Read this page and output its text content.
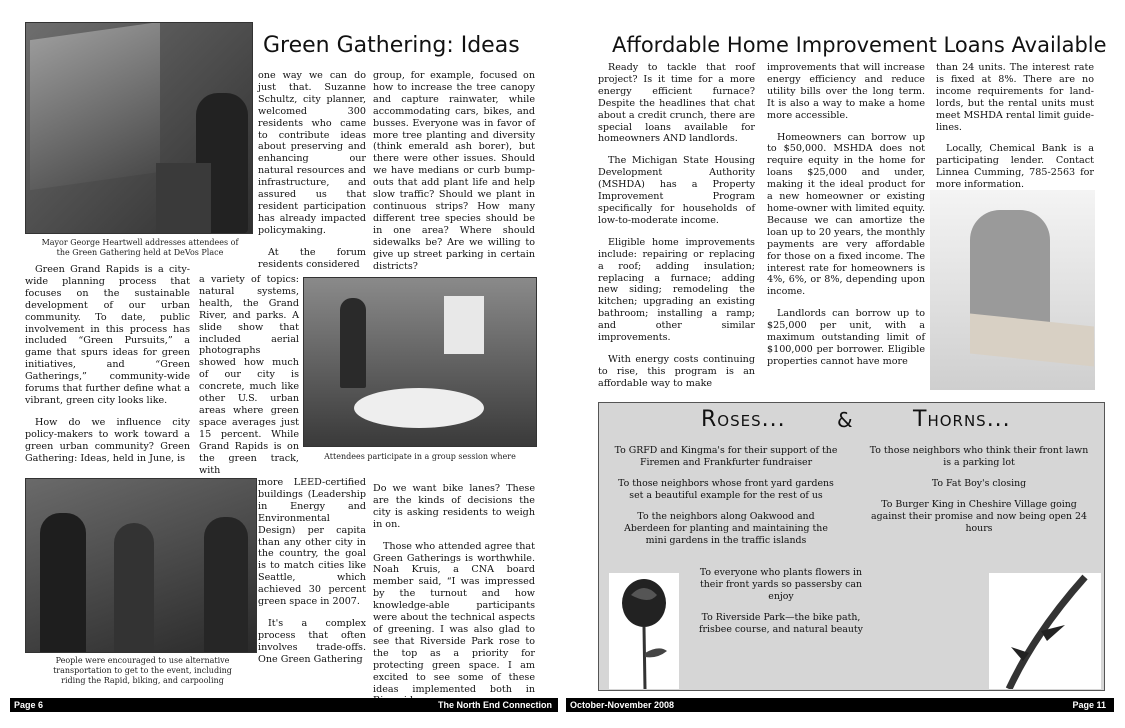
Mayor George Heartwell addresses attendees of the Green Gathering held at DeVos Place
Green Gathering: Ideas

one way we can do just that. Suzanne Schultz, city planner, welcomed 300 residents who came to contribute ideas about preserving and enhancing our natural resources and infrastructure, and assured us that resident participation has already impacted policymaking.

At the forum residents considered

group, for example, focused on how to increase the tree canopy and capture rainwater, while accommodating cars, bikes, and busses. Everyone was in favor of more tree planting and diversity (think emerald ash borer), but there were other issues. Should we have medians or curb bump-outs that add plant life and help slow traffic? Should we plant in continuous strips? How many different tree species should be in one area? Where should sidewalks be? Are we willing to give up street parking in certain districts?

Green Grand Rapids is a city-wide planning process that focuses on the sustainable development of our urban community. To date, public involvement in this process has included “Green Pursuits,” a game that spurs ideas for green initiatives, and “Green Gatherings,” community-wide forums that further define what a vibrant, green city looks like.

How do we influence city policy-makers to work toward a green urban community? Green Gathering: Ideas, held in June, is

a variety of topics: natural systems, health, the Grand River, and parks. A slide show that included aerial photographs showed how much of our city is concrete, much like other U.S. urban areas where green space averages just 15 percent. While Grand Rapids is on the green track, with

Attendees participate in a group session where
People were encouraged to use alternative transportation to get to the event, including riding the Rapid, biking, and carpooling

more LEED-certified buildings (Leadership in Energy and Environmental Design) per capita than any other city in the country, the goal is to match cities like Seattle, which achieved 30 percent green space in 2007.

It's a complex process that often involves trade-offs. One Green Gathering

Do we want bike lanes? These are the kinds of decisions the city is asking residents to weigh in on.

Those who attended agree that Green Gatherings is worthwhile. Noah Kruis, a CNA board member said, “I was impressed by the turnout and how knowledge-able participants were about the technical aspects of greening. I was also glad to see that Riverside Park rose to the top as a priority for protecting green space. I am excited to see some of these ideas implemented both in

Page 6	The North End Connection
Affordable Home Improvement Loans Available

Ready to tackle that roof project? Is it time for a more energy efficient furnace? Despite the headlines that chat about a credit crunch, there are special loans available for homeowners AND landlords.

The Michigan State Housing Development Authority (MSHDA) has a Property Improvement Program specifically for households of low-to-moderate income.

Eligible home improvements include: repairing or replacing a roof; adding insulation; replacing a furnace; adding new siding; remodeling the kitchen; upgrading an existing bathroom; installing a ramp; and other similar improvements.

With energy costs continuing to rise, this program is an affordable way to make

improvements that will increase energy efficiency and reduce utility bills over the long term. It is also a way to make a home more accessible.

Homeowners can borrow up to $50,000. MSHDA does not require equity in the home for loans $25,000 and under, making it the ideal product for a new homeowner or existing home-owner with limited equity. Because we can amortize the loan up to 20 years, the monthly payments are very affordable for those on a fixed income. The interest rate for homeowners is 4%, 6%, or 8%, depending upon income.

Landlords can borrow up to $25,000 per unit, with a maximum outstanding limit of $100,000 per borrower. Eligible properties cannot have more

than 24 units. The interest rate is fixed at 8%. There are no income requirements for land-lords, but the rental units must meet MSHDA rental limit guide-lines.

Locally, Chemical Bank is a participating lender. Contact Linnea Cumming, 785-2563 for more information.

Roses...	&	Thorns...

To GRFD and Kingma's for their support of the Firemen and Frankfurter fundraiser

To those neighbors whose front yard gardens set a beautiful example for the rest of us

To the neighbors along Oakwood and Aberdeen for planting and maintaining the mini gardens in the traffic islands

To those neighbors who think their front lawn is a parking lot

To Fat Boy's closing

To Burger King in Cheshire Village going against their promise and now being open 24 hours

To everyone who plants flowers in their front yards so passersby can enjoy

To Riverside Park—the bike path, frisbee course, and natural beauty

October-November 2008	Page 11
